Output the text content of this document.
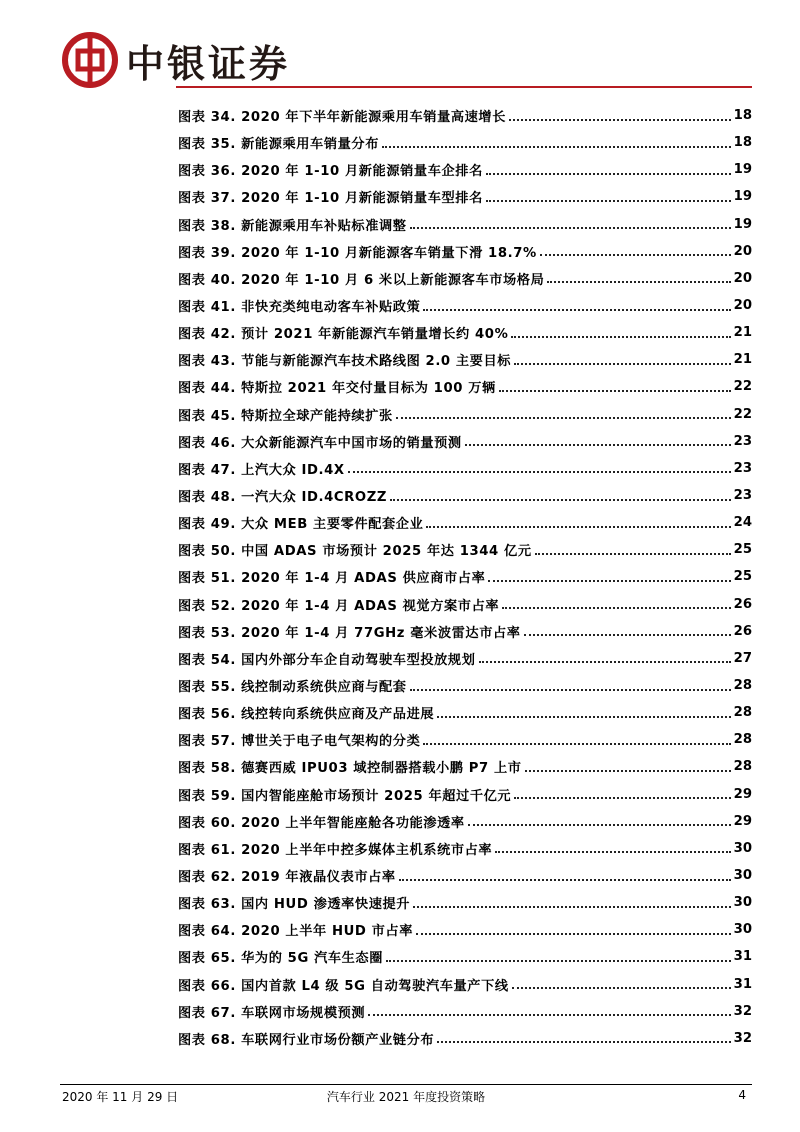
中银证券
图表 34. 2020 年下半年新能源乘用车销量高速增长	18
图表 35. 新能源乘用车销量分布	18
图表 36. 2020 年 1-10 月新能源销量车企排名	19
图表 37. 2020 年 1-10 月新能源销量车型排名	19
图表 38. 新能源乘用车补贴标准调整	19
图表 39. 2020 年 1-10 月新能源客车销量下滑 18.7%	20
图表 40. 2020 年 1-10 月 6 米以上新能源客车市场格局	20
图表 41. 非快充类纯电动客车补贴政策	20
图表 42. 预计 2021 年新能源汽车销量增长约 40%	21
图表 43. 节能与新能源汽车技术路线图 2.0 主要目标	21
图表 44. 特斯拉 2021 年交付量目标为 100 万辆	22
图表 45. 特斯拉全球产能持续扩张	22
图表 46. 大众新能源汽车中国市场的销量预测	23
图表 47. 上汽大众 ID.4X	23
图表 48. 一汽大众 ID.4CROZZ	23
图表 49. 大众 MEB 主要零件配套企业	24
图表 50. 中国 ADAS 市场预计 2025 年达 1344 亿元	25
图表 51. 2020 年 1-4 月 ADAS 供应商市占率	25
图表 52. 2020 年 1-4 月 ADAS 视觉方案市占率	26
图表 53. 2020 年 1-4 月 77GHz 毫米波雷达市占率	26
图表 54. 国内外部分车企自动驾驶车型投放规划	27
图表 55. 线控制动系统供应商与配套	28
图表 56. 线控转向系统供应商及产品进展	28
图表 57. 博世关于电子电气架构的分类	28
图表 58. 德赛西威 IPU03 域控制器搭载小鹏 P7 上市	28
图表 59. 国内智能座舱市场预计 2025 年超过千亿元	29
图表 60. 2020 上半年智能座舱各功能渗透率	29
图表 61. 2020 上半年中控多媒体主机系统市占率	30
图表 62. 2019 年液晶仪表市占率	30
图表 63. 国内 HUD 渗透率快速提升	30
图表 64. 2020 上半年 HUD 市占率	30
图表 65. 华为的 5G 汽车生态圈	31
图表 66. 国内首款 L4 级 5G 自动驾驶汽车量产下线	31
图表 67. 车联网市场规模预测	32
图表 68. 车联网行业市场份额产业链分布	32
2020 年 11 月 29 日	汽车行业 2021 年度投资策略	4
